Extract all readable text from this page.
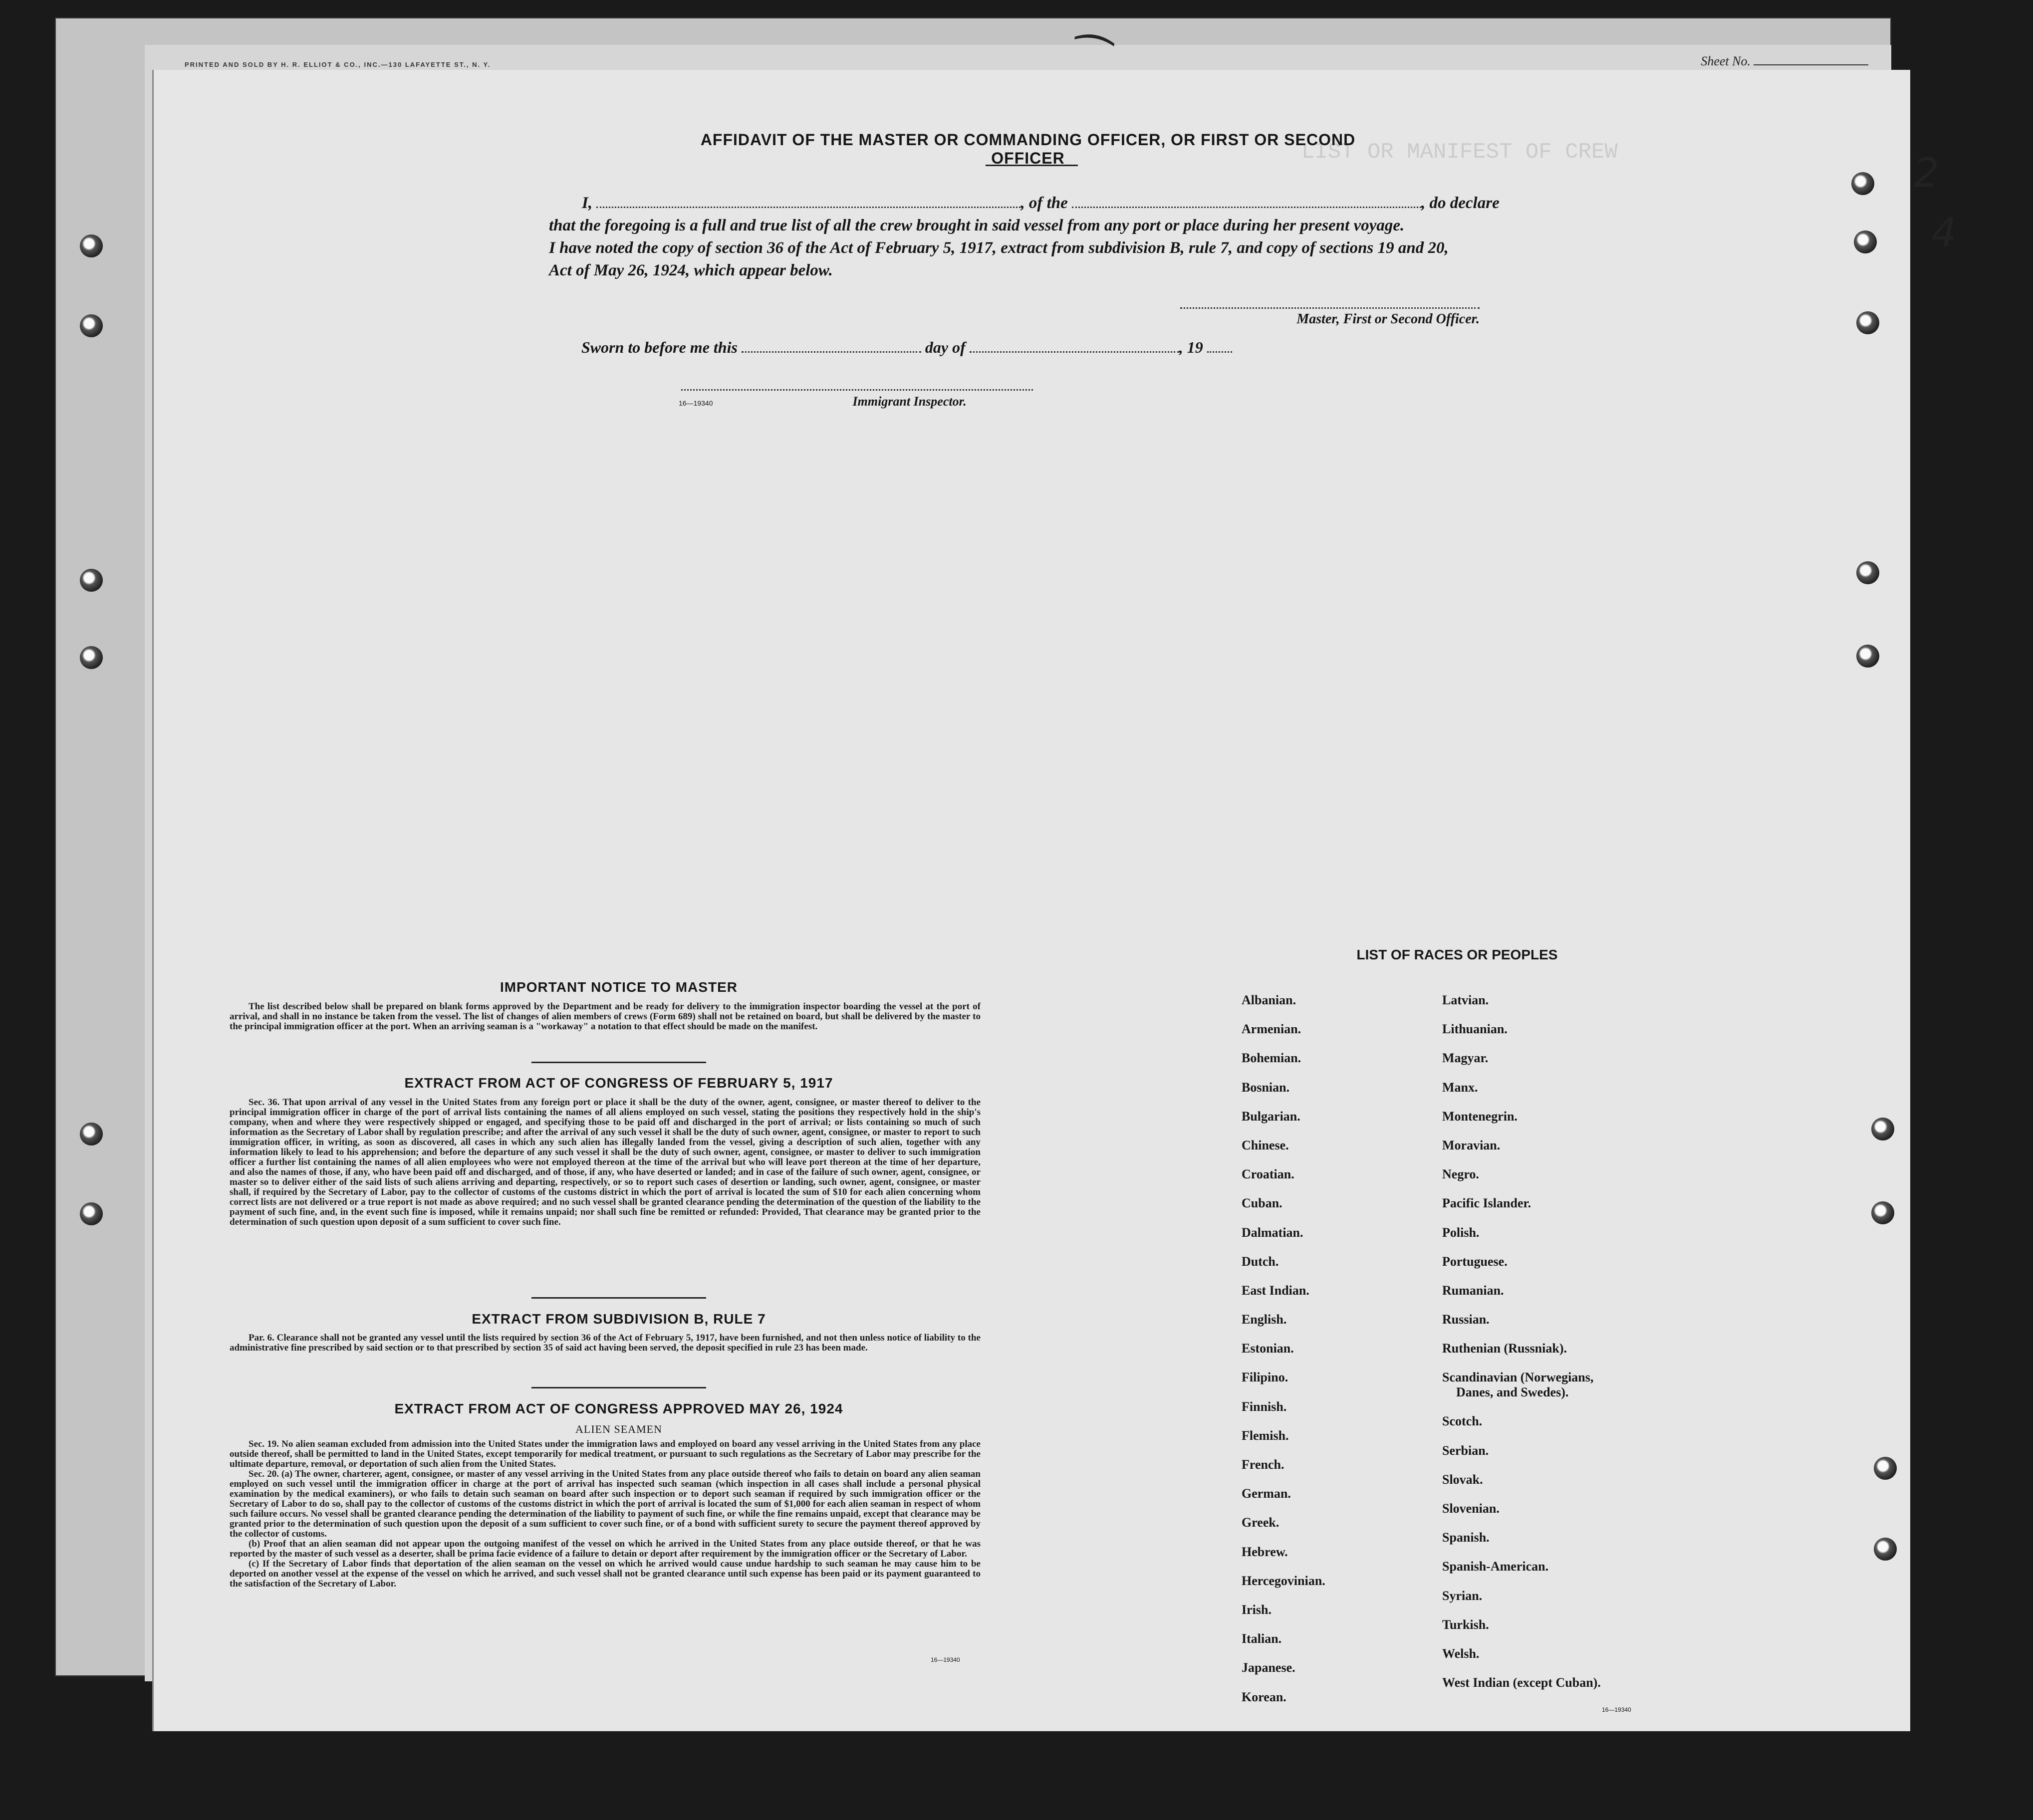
Sheet No.
LIST OR MANIFEST OF CREW
PRINTED AND SOLD BY H. R. ELLIOT & CO., INC.—130 LAFAYETTE ST., N. Y.	⁀
2
4
AFFIDAVIT OF THE MASTER OR COMMANDING OFFICER, OR FIRST OR SECOND OFFICER
I,	, of the	, do declare
that the foregoing is a full and true list of all the crew brought in said vessel from any port or place during her present voyage.
I have noted the copy of section 36 of the Act of February 5, 1917, extract from subdivision B, rule 7, and copy of sections 19 and 20,
Act of May 26, 1924, which appear below.
Master, First or Second Officer.
Sworn to before me this	day of	, 19
16—19340	Immigrant Inspector.
IMPORTANT NOTICE TO MASTER

The list described below shall be prepared on blank forms approved by the Department and be ready for delivery to the immigration inspector boarding the vessel at the port of arrival, and shall in no instance be taken from the vessel. The list of changes of alien members of crews (Form 689) shall not be retained on board, but shall be delivered by the master to the principal immigration officer at the port. When an arriving seaman is a "workaway" a notation to that effect should be made on the manifest.

EXTRACT FROM ACT OF CONGRESS OF FEBRUARY 5, 1917

Sec. 36. That upon arrival of any vessel in the United States from any foreign port or place it shall be the duty of the owner, agent, consignee, or master thereof to deliver to the principal immigration officer in charge of the port of arrival lists containing the names of all aliens employed on such vessel, stating the positions they respectively hold in the ship's company, when and where they were respectively shipped or engaged, and specifying those to be paid off and discharged in the port of arrival; or lists containing so much of such information as the Secretary of Labor shall by regulation prescribe; and after the arrival of any such vessel it shall be the duty of such owner, agent, consignee, or master to report to such immigration officer, in writing, as soon as discovered, all cases in which any such alien has illegally landed from the vessel, giving a description of such alien, together with any information likely to lead to his apprehension; and before the departure of any such vessel it shall be the duty of such owner, agent, consignee, or master to deliver to such immigration officer a further list containing the names of all alien employees who were not employed thereon at the time of the arrival but who will leave port thereon at the time of her departure, and also the names of those, if any, who have been paid off and discharged, and of those, if any, who have deserted or landed; and in case of the failure of such owner, agent, consignee, or master so to deliver either of the said lists of such aliens arriving and departing, respectively, or so to report such cases of desertion or landing, such owner, agent, consignee, or master shall, if required by the Secretary of Labor, pay to the collector of customs of the customs district in which the port of arrival is located the sum of $10 for each alien concerning whom correct lists are not delivered or a true report is not made as above required; and no such vessel shall be granted clearance pending the determination of the question of the liability to the payment of such fine, and, in the event such fine is imposed, while it remains unpaid; nor shall such fine be remitted or refunded: Provided, That clearance may be granted prior to the determination of such question upon deposit of a sum sufficient to cover such fine.

EXTRACT FROM SUBDIVISION B, RULE 7

Par. 6. Clearance shall not be granted any vessel until the lists required by section 36 of the Act of February 5, 1917, have been furnished, and not then unless notice of liability to the administrative fine prescribed by said section or to that prescribed by section 35 of said act having been served, the deposit specified in rule 23 has been made.

EXTRACT FROM ACT OF CONGRESS APPROVED MAY 26, 1924
ALIEN SEAMEN

Sec. 19. No alien seaman excluded from admission into the United States under the immigration laws and employed on board any vessel arriving in the United States from any place outside thereof, shall be permitted to land in the United States, except temporarily for medical treatment, or pursuant to such regulations as the Secretary of Labor may prescribe for the ultimate departure, removal, or deportation of such alien from the United States.

Sec. 20. (a) The owner, charterer, agent, consignee, or master of any vessel arriving in the United States from any place outside thereof who fails to detain on board any alien seaman employed on such vessel until the immigration officer in charge at the port of arrival has inspected such seaman (which inspection in all cases shall include a personal physical examination by the medical examiners), or who fails to detain such seaman on board after such inspection or to deport such seaman if required by such immigration officer or the Secretary of Labor to do so, shall pay to the collector of customs of the customs district in which the port of arrival is located the sum of $1,000 for each alien seaman in respect of whom such failure occurs. No vessel shall be granted clearance pending the determination of the liability to payment of such fine, or while the fine remains unpaid, except that clearance may be granted prior to the determination of such question upon the deposit of a sum sufficient to cover such fine, or of a bond with sufficient surety to secure the payment thereof approved by the collector of customs.

(b) Proof that an alien seaman did not appear upon the outgoing manifest of the vessel on which he arrived in the United States from any place outside thereof, or that he was reported by the master of such vessel as a deserter, shall be prima facie evidence of a failure to detain or deport after requirement by the immigration officer or the Secretary of Labor.

(c) If the Secretary of Labor finds that deportation of the alien seaman on the vessel on which he arrived would cause undue hardship to such seaman he may cause him to be deported on another vessel at the expense of the vessel on which he arrived, and such vessel shall not be granted clearance until such expense has been paid or its payment guaranteed to the satisfaction of the Secretary of Labor.

16—19340
LIST OF RACES OR PEOPLES
Albanian.
Armenian.
Bohemian.
Bosnian.
Bulgarian.
Chinese.
Croatian.
Cuban.
Dalmatian.
Dutch.
East Indian.
English.
Estonian.
Filipino.
Finnish.
Flemish.
French.
German.
Greek.
Hebrew.
Hercegovinian.
Irish.
Italian.
Japanese.
Korean.
Latvian.
Lithuanian.
Magyar.
Manx.
Montenegrin.
Moravian.
Negro.
Pacific Islander.
Polish.
Portuguese.
Rumanian.
Russian.
Ruthenian (Russniak).
Scandinavian (Norwegians,
Danes, and Swedes).
Scotch.
Serbian.
Slovak.
Slovenian.
Spanish.
Spanish-American.
Syrian.
Turkish.
Welsh.
West Indian (except Cuban).
16—19340
